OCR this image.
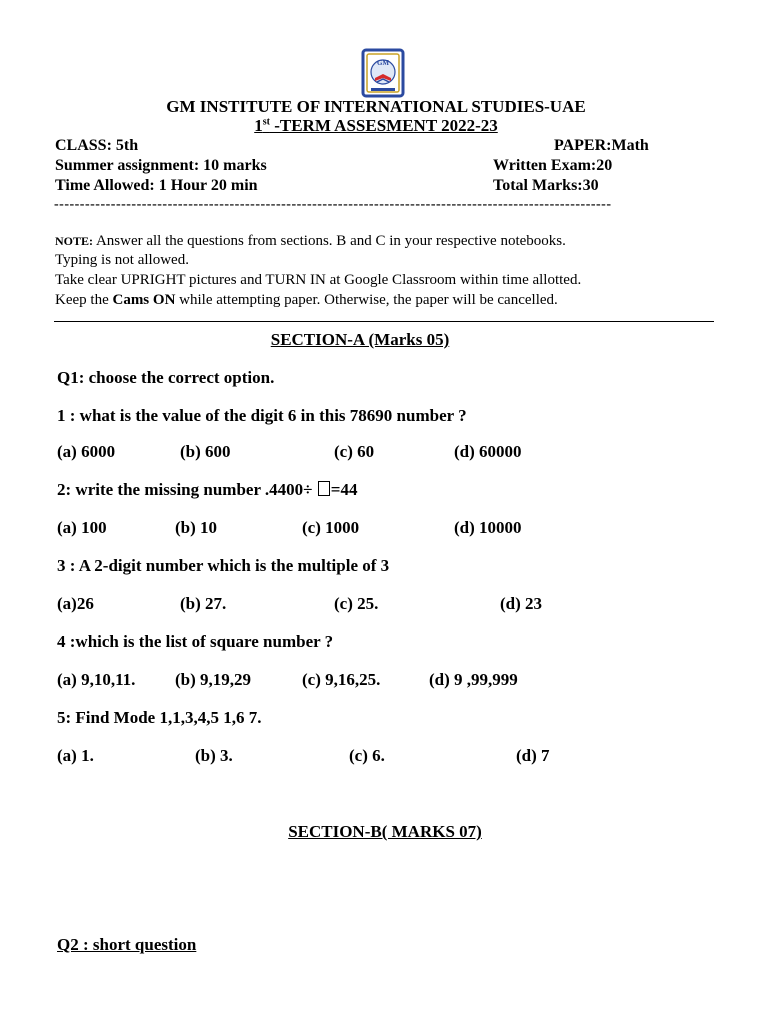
GM
GM INSTITUTE OF INTERNATIONAL STUDIES-UAE
1st -TERM ASSESMENT 2022-23
CLASS: 5th	PAPER:Math
Summer assignment: 10 marks	Written Exam:20
Time Allowed: 1 Hour 20 min	Total Marks:30
------------------------------------------------------------------------------------------------------------
NOTE: Answer all the questions from sections. B and C in your respective notebooks.
Typing is not allowed.
Take clear UPRIGHT pictures and TURN IN at Google Classroom within time allotted.
Keep the Cams ON while attempting paper. Otherwise, the paper will be cancelled.
SECTION-A (Marks 05)
Q1: choose the correct option.
1 : what is the value of the digit 6 in this 78690 number ?
(a) 6000	(b) 600	(c) 60	(d) 60000
2: write the missing number .4400÷ =44
(a) 100	(b) 10	(c) 1000	(d) 10000
3 : A 2-digit number which is the multiple of 3
(a)26	(b) 27.	(c) 25.	(d) 23
4 :which is the list of square number ?
(a) 9,10,11. (b) 9,19,29	(c) 9,16,25.	(d) 9 ,99,999
5: Find Mode 1,1,3,4,5 1,6 7.
(a) 1.	(b) 3.	(c) 6.	(d) 7
SECTION-B( MARKS 07)
Q2 : short question
